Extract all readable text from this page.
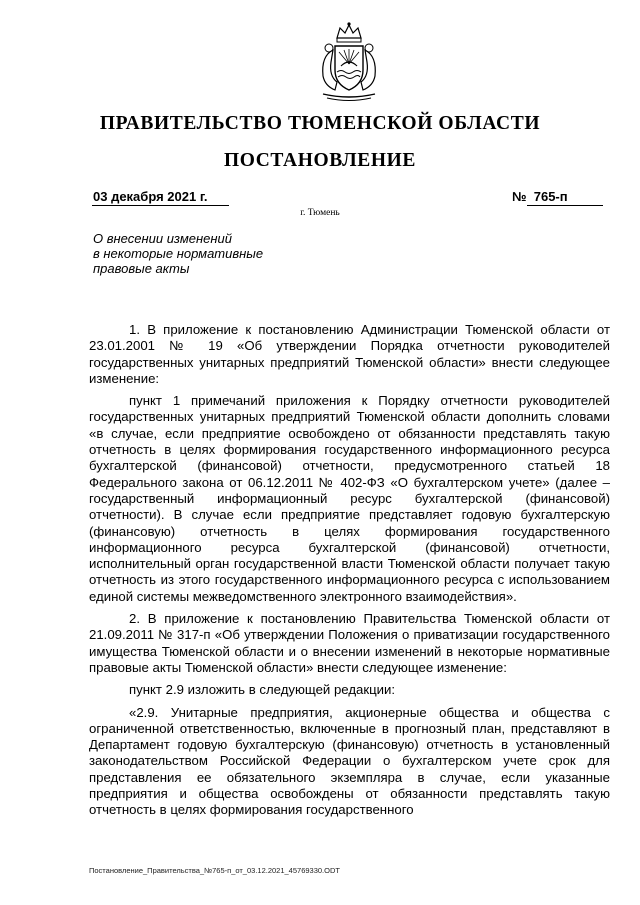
ПРАВИТЕЛЬСТВО ТЮМЕНСКОЙ ОБЛАСТИ
ПОСТАНОВЛЕНИЕ
03 декабря 2021 г.	№ 765-п
г. Тюмень
О внесении изменений
в некоторые нормативные
правовые акты

1. В приложение к постановлению Администрации Тюменской области от 23.01.2001 № 19 «Об утверждении Порядка отчетности руководителей государственных унитарных предприятий Тюменской области» внести следующее изменение:

пункт 1 примечаний приложения к Порядку отчетности руководителей государственных унитарных предприятий Тюменской области дополнить словами «в случае, если предприятие освобождено от обязанности представлять такую отчетность в целях формирования государственного информационного ресурса бухгалтерской (финансовой) отчетности, предусмотренного статьей 18 Федерального закона от 06.12.2011 № 402-ФЗ «О бухгалтерском учете» (далее – государственный информационный ресурс бухгалтерской (финансовой) отчетности). В случае если предприятие представляет годовую бухгалтерскую (финансовую) отчетность в целях формирования государственного информационного ресурса бухгалтерской (финансовой) отчетности, исполнительный орган государственной власти Тюменской области получает такую отчетность из этого государственного информационного ресурса с использованием единой системы межведомственного электронного взаимодействия».

2. В приложение к постановлению Правительства Тюменской области от 21.09.2011 № 317-п «Об утверждении Положения о приватизации государственного имущества Тюменской области и о внесении изменений в некоторые нормативные правовые акты Тюменской области» внести следующее изменение:

пункт 2.9 изложить в следующей редакции:

«2.9. Унитарные предприятия, акционерные общества и общества с ограниченной ответственностью, включенные в прогнозный план, представляют в Департамент годовую бухгалтерскую (финансовую) отчетность в установленный законодательством Российской Федерации о бухгалтерском учете срок для представления ее обязательного экземпляра в случае, если указанные предприятия и общества освобождены от обязанности представлять такую отчетность в целях формирования государственного

Постановление_Правительства_№765-п_от_03.12.2021_45769330.ODT
